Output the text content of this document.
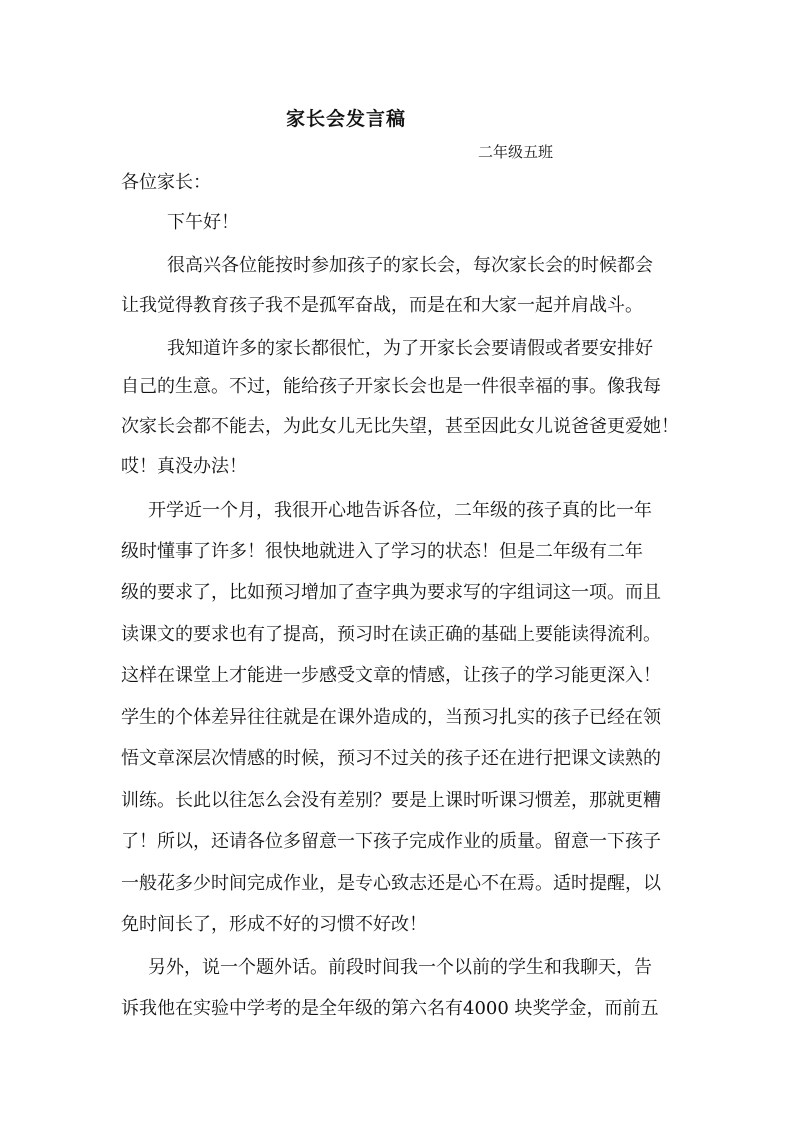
家长会发言稿
二年级五班
各位家长：
下午好！
很高兴各位能按时参加孩子的家长会，每次家长会的时候都会
让我觉得教育孩子我不是孤军奋战，而是在和大家一起并肩战斗。
我知道许多的家长都很忙，为了开家长会要请假或者要安排好
自己的生意。不过，能给孩子开家长会也是一件很幸福的事。像我每
次家长会都不能去，为此女儿无比失望，甚至因此女儿说爸爸更爱她！
哎！真没办法！
开学近一个月，我很开心地告诉各位，二年级的孩子真的比一年
级时懂事了许多！很快地就进入了学习的状态！但是二年级有二年
级的要求了，比如预习增加了查字典为要求写的字组词这一项。而且
读课文的要求也有了提高，预习时在读正确的基础上要能读得流利。
这样在课堂上才能进一步感受文章的情感，让孩子的学习能更深入！
学生的个体差异往往就是在课外造成的，当预习扎实的孩子已经在领
悟文章深层次情感的时候，预习不过关的孩子还在进行把课文读熟的
训练。长此以往怎么会没有差别？要是上课时听课习惯差，那就更糟
了！所以，还请各位多留意一下孩子完成作业的质量。留意一下孩子
一般花多少时间完成作业，是专心致志还是心不在焉。适时提醒，以
免时间长了，形成不好的习惯不好改！
另外，说一个题外话。前段时间我一个以前的学生和我聊天，告
诉我他在实验中学考的是全年级的第六名有4000 块奖学金，而前五
